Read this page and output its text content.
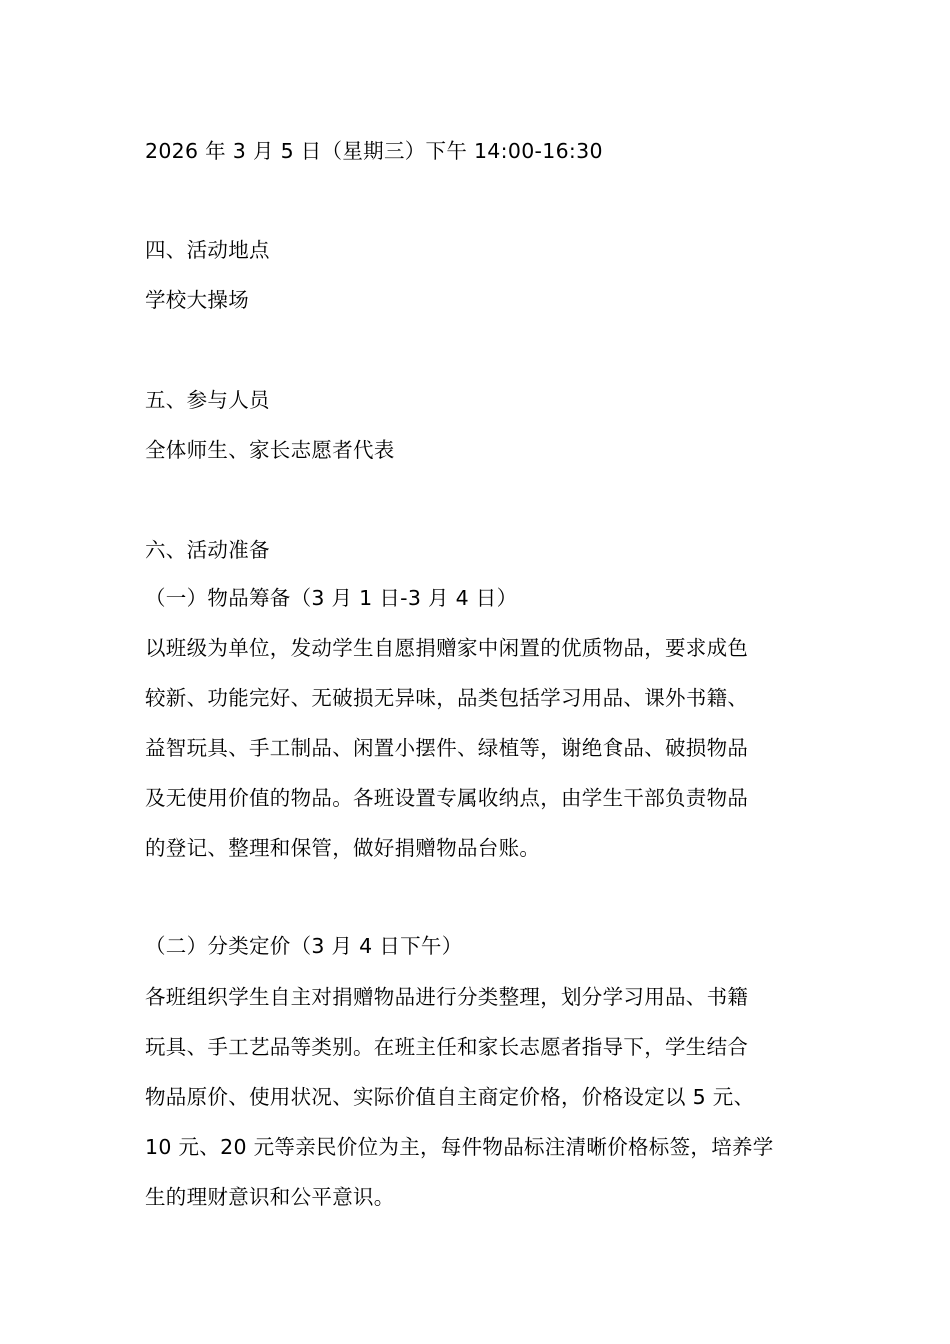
2026 年 3 月 5 日（星期三）下午 14:00-16:30
四、活动地点
学校大操场
五、参与人员
全体师生、家长志愿者代表
六、活动准备
（一）物品筹备（3 月 1 日-3 月 4 日）
以班级为单位，发动学生自愿捐赠家中闲置的优质物品，要求成色
较新、功能完好、无破损无异味，品类包括学习用品、课外书籍、
益智玩具、手工制品、闲置小摆件、绿植等，谢绝食品、破损物品
及无使用价值的物品。各班设置专属收纳点，由学生干部负责物品
的登记、整理和保管，做好捐赠物品台账。
（二）分类定价（3 月 4 日下午）
各班组织学生自主对捐赠物品进行分类整理，划分学习用品、书籍
玩具、手工艺品等类别。在班主任和家长志愿者指导下，学生结合
物品原价、使用状况、实际价值自主商定价格，价格设定以 5 元、
10 元、20 元等亲民价位为主，每件物品标注清晰价格标签，培养学
生的理财意识和公平意识。
